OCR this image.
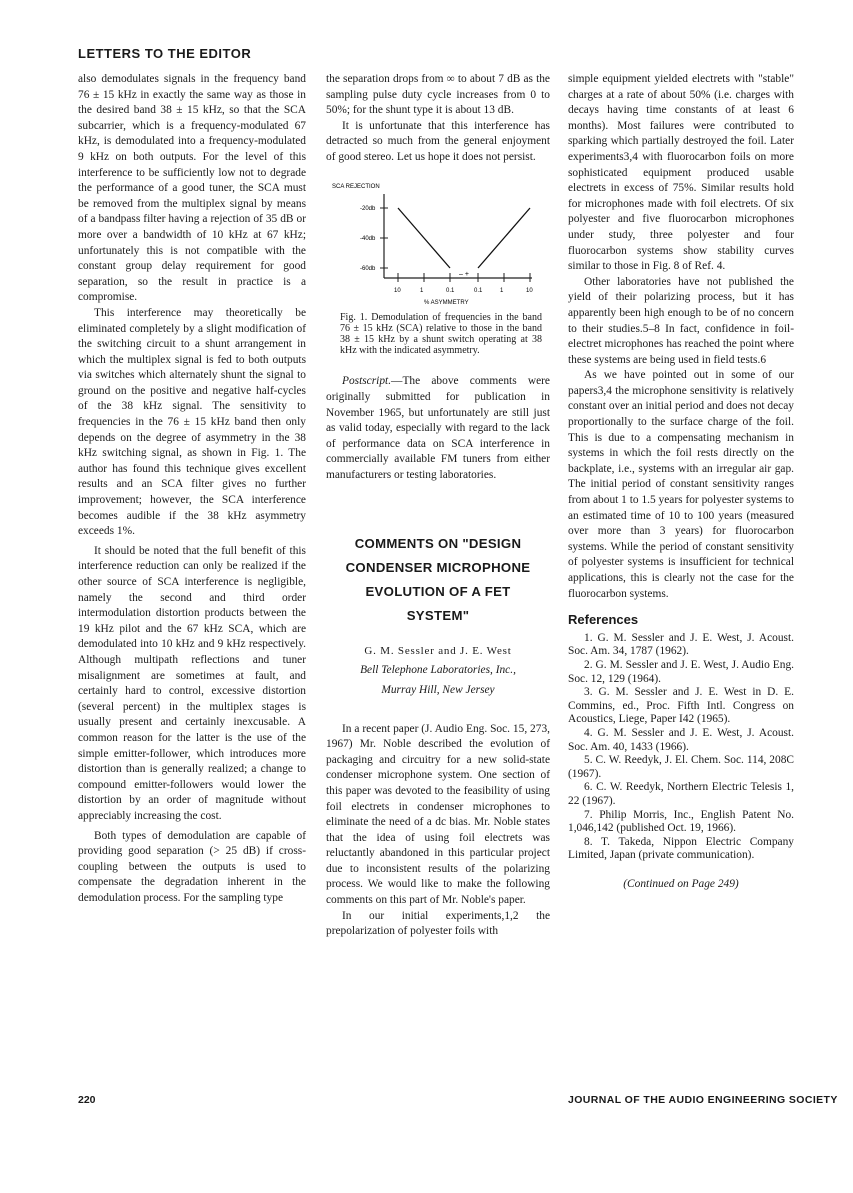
LETTERS TO THE EDITOR

also demodulates signals in the frequency band 76 ± 15 kHz in exactly the same way as those in the desired band 38 ± 15 kHz, so that the SCA subcarrier, which is a frequency-modulated 67 kHz, is demodulated into a frequency-modulated 9 kHz on both outputs. For the level of this interference to be sufficiently low not to degrade the performance of a good tuner, the SCA must be removed from the multiplex signal by means of a bandpass filter having a rejection of 35 dB or more over a bandwidth of 10 kHz at 67 kHz; unfortunately this is not compatible with the constant group delay requirement for good separation, so the result in practice is a compromise.

This interference may theoretically be eliminated completely by a slight modification of the switching circuit to a shunt arrangement in which the multiplex signal is fed to both outputs via switches which alternately shunt the signal to ground on the positive and negative half-cycles of the 38 kHz signal. The sensitivity to frequencies in the 76 ± 15 kHz band then only depends on the degree of asymmetry in the 38 kHz switching signal, as shown in Fig. 1. The author has found this technique gives excellent results and an SCA filter gives no further improvement; however, the SCA interference becomes audible if the 38 kHz asymmetry exceeds 1%.

It should be noted that the full benefit of this interference reduction can only be realized if the other source of SCA interference is negligible, namely the second and third order intermodulation distortion products between the 19 kHz pilot and the 67 kHz SCA, which are demodulated into 10 kHz and 9 kHz respectively. Although multipath reflections and tuner misalignment are sometimes at fault, and certainly hard to control, excessive distortion (several percent) in the multiplex stages is usually present and certainly inexcusable. A common reason for the latter is the use of the simple emitter-follower, which introduces more distortion than is generally realized; a change to compound emitter-followers would lower the distortion by an order of magnitude without appreciably increasing the cost.

Both types of demodulation are capable of providing good separation (> 25 dB) if cross-coupling between the outputs is used to compensate the degradation inherent in the demodulation process. For the sampling type

the separation drops from ∞ to about 7 dB as the sampling pulse duty cycle increases from 0 to 50%; for the shunt type it is about 13 dB.

It is unfortunate that this interference has detracted so much from the general enjoyment of good stereo. Let us hope it does not persist.

SCA REJECTION
% ASYMMETRY
-20db
-40db
-60db
10	1	0.1	0.1	1	10
– +
Fig. 1. Demodulation of frequencies in the band 76 ± 15 kHz (SCA) relative to those in the band 38 ± 15 kHz by a shunt switch operating at 38 kHz with the indicated asymmetry.

Postscript.—The above comments were originally submitted for publication in November 1965, but unfortunately are still just as valid today, especially with regard to the lack of performance data on SCA interference in commercially available FM tuners from either manufacturers or testing laboratories.

COMMENTS ON "DESIGN
CONDENSER MICROPHONE
EVOLUTION OF A FET
SYSTEM"
G. M. Sessler and J. E. West
Bell Telephone Laboratories, Inc.,
Murray Hill, New Jersey

In a recent paper (J. Audio Eng. Soc. 15, 273, 1967) Mr. Noble described the evolution of packaging and circuitry for a new solid-state condenser microphone system. One section of this paper was devoted to the feasibility of using foil electrets in condenser microphones to eliminate the need of a dc bias. Mr. Noble states that the idea of using foil electrets was reluctantly abandoned in this particular project due to inconsistent results of the polarizing process. We would like to make the following comments on this part of Mr. Noble's paper.

In our initial experiments,1,2 the prepolarization of polyester foils with

simple equipment yielded electrets with "stable" charges at a rate of about 50% (i.e. charges with decays having time constants of at least 6 months). Most failures were contributed to sparking which partially destroyed the foil. Later experiments3,4 with fluorocarbon foils on more sophisticated equipment produced usable electrets in excess of 75%. Similar results hold for microphones made with foil electrets. Of six polyester and five fluorocarbon microphones under study, three polyester and four fluorocarbon systems show stability curves similar to those in Fig. 8 of Ref. 4.

Other laboratories have not published the yield of their polarizing process, but it has apparently been high enough to be of no concern to their studies.5–8 In fact, confidence in foil-electret microphones has reached the point where these systems are being used in field tests.6

As we have pointed out in some of our papers3,4 the microphone sensitivity is relatively constant over an initial period and does not decay proportionally to the surface charge of the foil. This is due to a compensating mechanism in systems in which the foil rests directly on the backplate, i.e., systems with an irregular air gap. The initial period of constant sensitivity ranges from about 1 to 1.5 years for polyester systems to an estimated time of 10 to 100 years (measured over more than 3 years) for fluorocarbon systems. While the period of constant sensitivity of polyester systems is insufficient for technical applications, this is clearly not the case for the fluorocarbon systems.

References

1. G. M. Sessler and J. E. West, J. Acoust. Soc. Am. 34, 1787 (1962).

2. G. M. Sessler and J. E. West, J. Audio Eng. Soc. 12, 129 (1964).

3. G. M. Sessler and J. E. West in D. E. Commins, ed., Proc. Fifth Intl. Congress on Acoustics, Liege, Paper I42 (1965).

4. G. M. Sessler and J. E. West, J. Acoust. Soc. Am. 40, 1433 (1966).

5. C. W. Reedyk, J. El. Chem. Soc. 114, 208C (1967).

6. C. W. Reedyk, Northern Electric Telesis 1, 22 (1967).

7. Philip Morris, Inc., English Patent No. 1,046,142 (published Oct. 19, 1966).

8. T. Takeda, Nippon Electric Company Limited, Japan (private communication).

(Continued on Page 249)
220	JOURNAL OF THE AUDIO ENGINEERING SOCIETY
